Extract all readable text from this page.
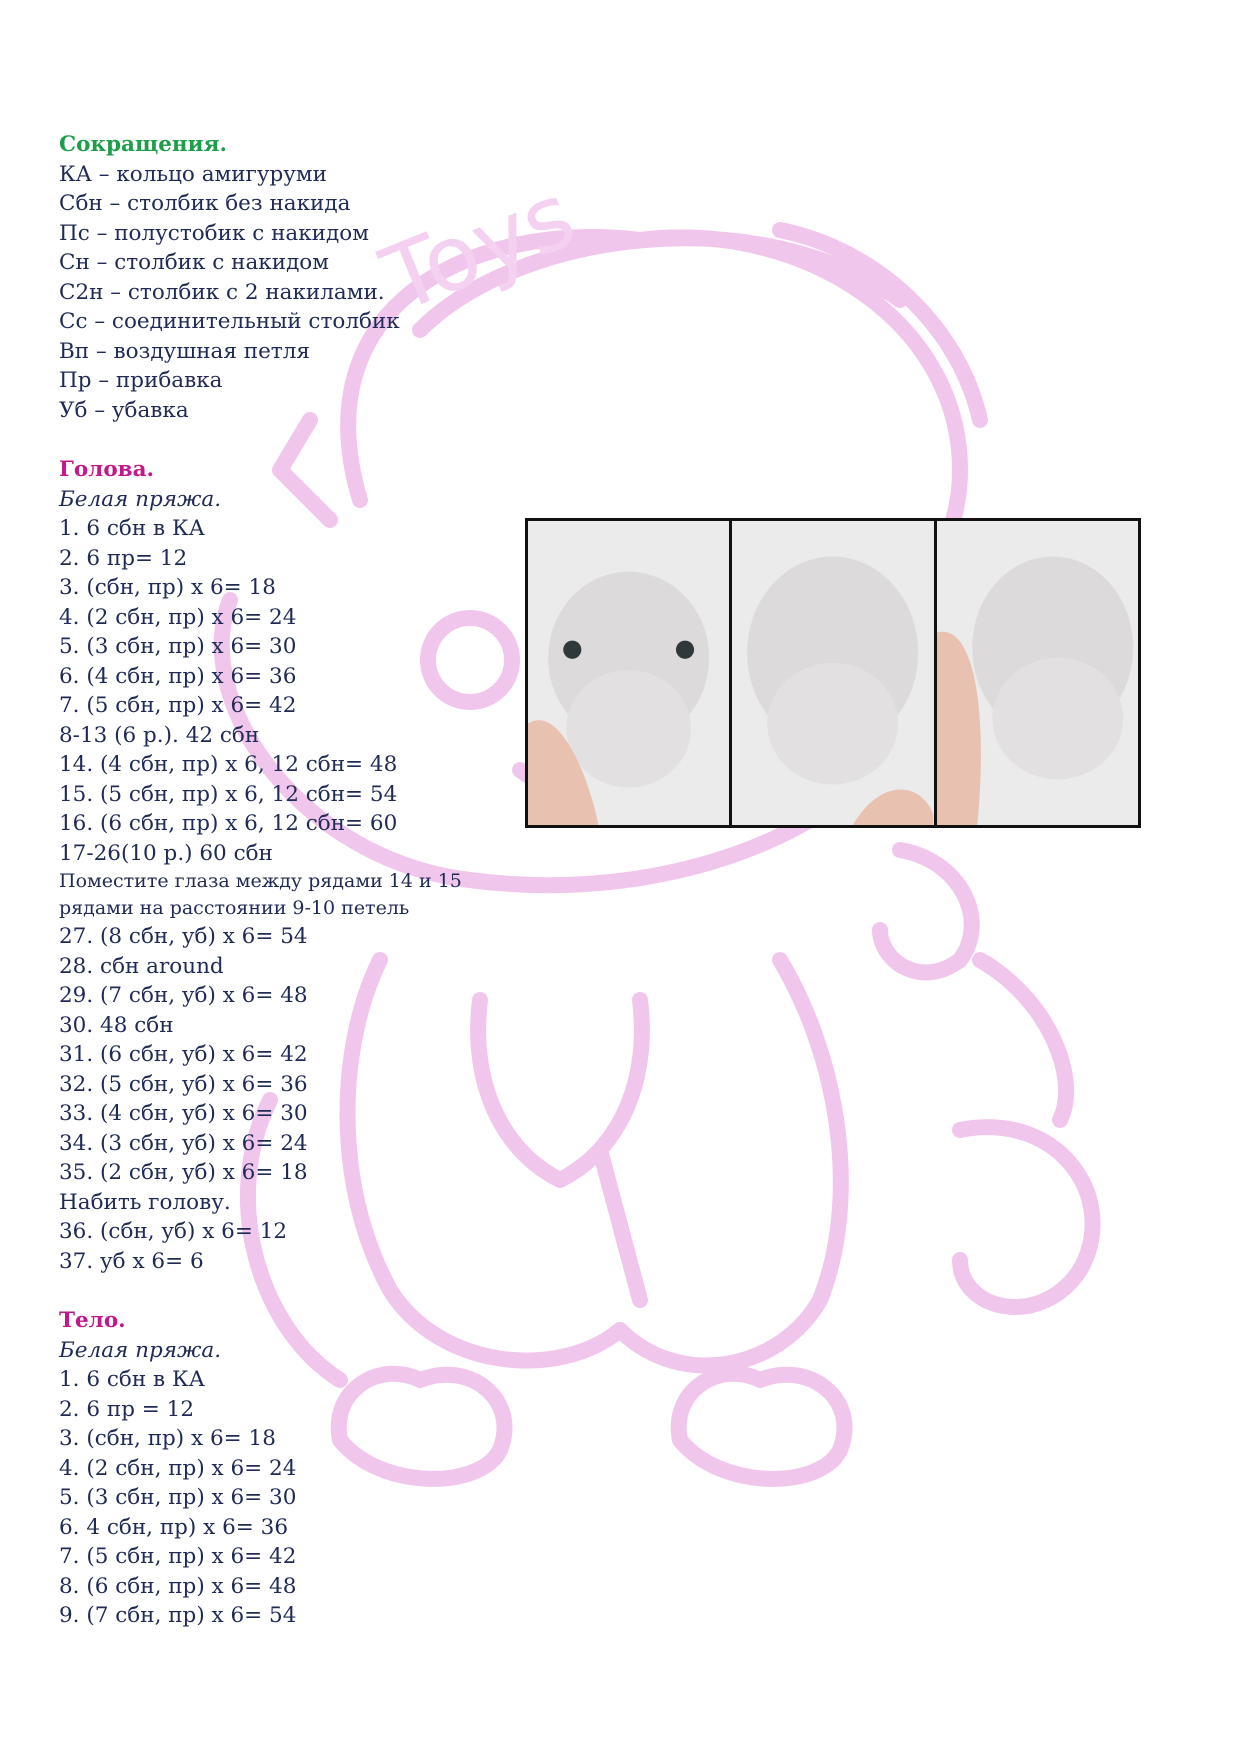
Toys
Сокращения.
КА – кольцо амигуруми
Сбн – столбик без накида
Пс – полустобик с накидом
Сн – столбик с накидом
С2н – столбик с 2 накилами.
Сс – соединительный столбик
Вп – воздушная петля
Пр – прибавка
Уб – убавка
Голова.
Белая пряжа.
1. 6 сбн в КА
2. 6 пр= 12
3. (сбн, пр) x 6= 18
4. (2 сбн, пр) x 6= 24
5. (3 сбн, пр) x 6= 30
6. (4 сбн, пр) x 6= 36
7. (5 сбн, пр) x 6= 42
8-13 (6 р.). 42 сбн
14. (4 сбн, пр) x 6, 12 сбн= 48
15. (5 сбн, пр) x 6, 12 сбн= 54
16. (6 сбн, пр) x 6, 12 сбн= 60
17-26(10 р.) 60 сбн
Поместите глаза между рядами 14 и 15
рядами на расстоянии 9-10 петель
27. (8 сбн, уб) x 6= 54
28. сбн around
29. (7 сбн, уб) x 6= 48
30. 48 сбн
31. (6 сбн, уб) x 6= 42
32. (5 сбн, уб) x 6= 36
33. (4 сбн, уб) x 6= 30
34. (3 сбн, уб) x 6= 24
35. (2 сбн, уб) x 6= 18
Набить голову.
36. (сбн, уб) x 6= 12
37. уб x 6= 6
Тело.
Белая пряжа.
1. 6 сбн в КА
2. 6 пр = 12
3. (сбн, пр) x 6= 18
4. (2 сбн, пр) x 6= 24
5. (3 сбн, пр) x 6= 30
6. 4 сбн, пр) x 6= 36
7. (5 сбн, пр) x 6= 42
8. (6 сбн, пр) x 6= 48
9. (7 сбн, пр) x 6= 54
